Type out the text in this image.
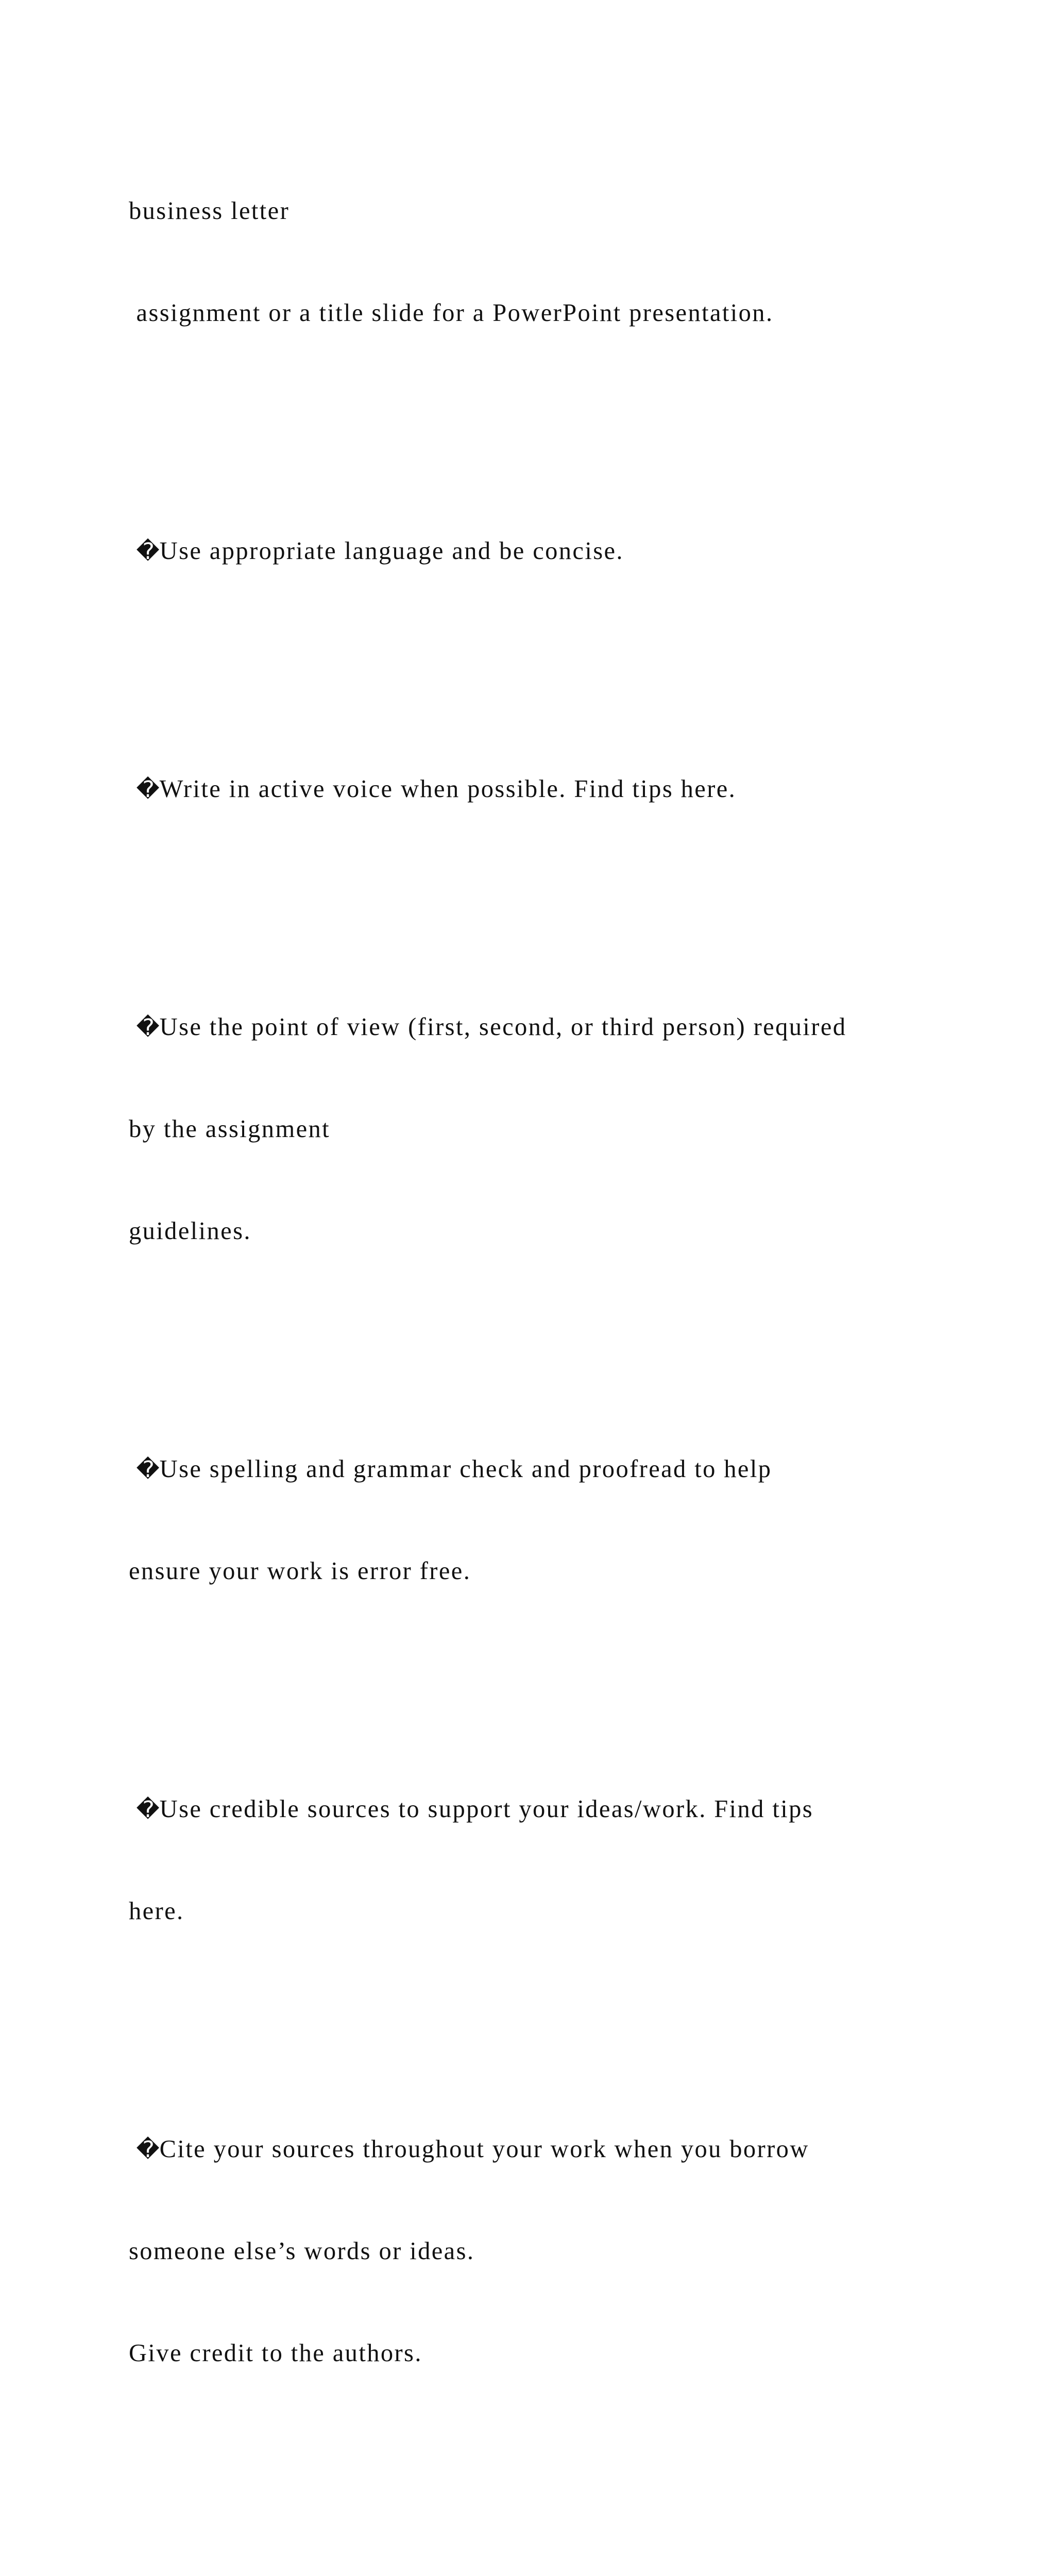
business letter

assignment or a title slide for a PowerPoint presentation.

�Use appropriate language and be concise.

�Write in active voice when possible. Find tips here.

�Use the point of view (first, second, or third person) required

by the assignment

guidelines.

�Use spelling and grammar check and proofread to help

ensure your work is error free.

�Use credible sources to support your ideas/work. Find tips

here.

�Cite your sources throughout your work when you borrow

someone else’s words or ideas.

Give credit to the authors.
